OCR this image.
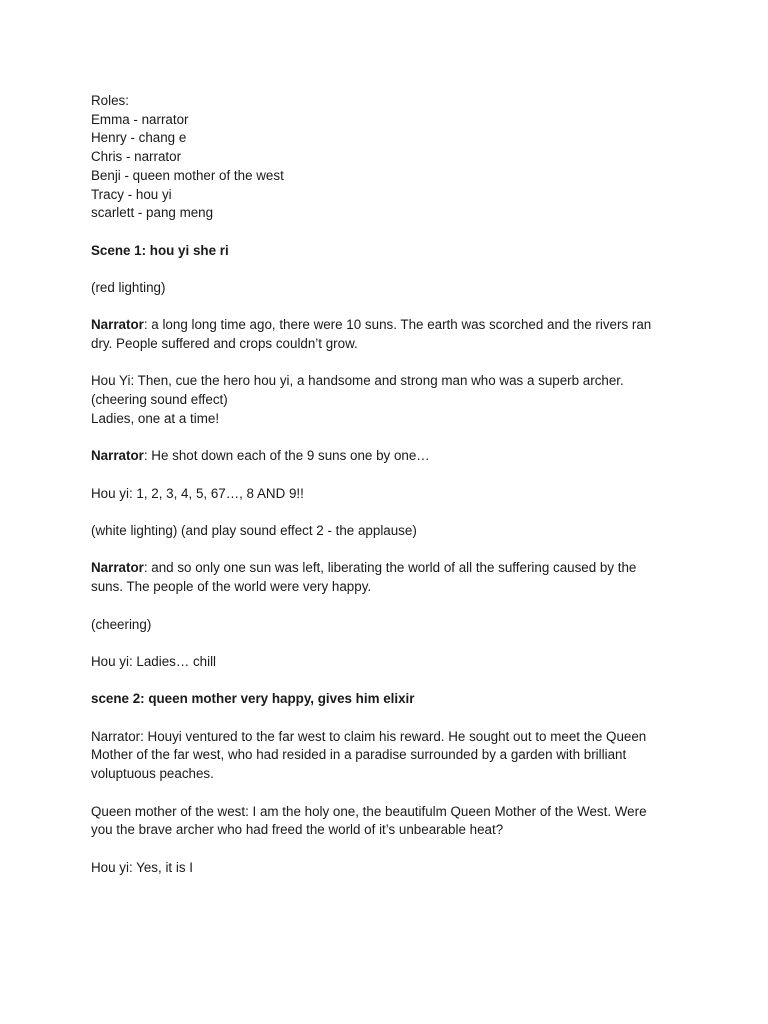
Roles:
Emma - narrator
Henry - chang e
Chris - narrator
Benji - queen mother of the west
Tracy - hou yi
scarlett - pang meng
Scene 1: hou yi she ri
(red lighting)
Narrator: a long long time ago, there were 10 suns. The earth was scorched and the rivers ran
dry. People suffered and crops couldn’t grow.
Hou Yi: Then, cue the hero hou yi, a handsome and strong man who was a superb archer.
(cheering sound effect)
Ladies, one at a time!
Narrator: He shot down each of the 9 suns one by one…
Hou yi: 1, 2, 3, 4, 5, 67…, 8 AND 9!!
(white lighting) (and play sound effect 2 - the applause)
Narrator: and so only one sun was left, liberating the world of all the suffering caused by the
suns. The people of the world were very happy.
(cheering)
Hou yi: Ladies… chill
scene 2: queen mother very happy, gives him elixir
Narrator: Houyi ventured to the far west to claim his reward. He sought out to meet the Queen
Mother of the far west, who had resided in a paradise surrounded by a garden with brilliant
voluptuous peaches.
Queen mother of the west: I am the holy one, the beautifulm Queen Mother of the West. Were
you the brave archer who had freed the world of it’s unbearable heat?
Hou yi: Yes, it is I
